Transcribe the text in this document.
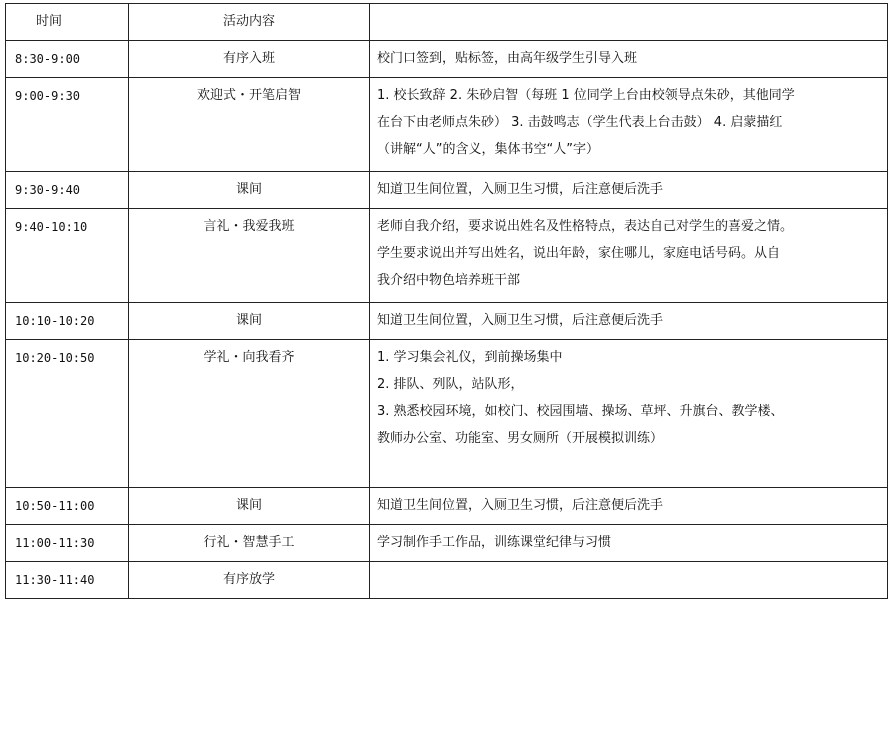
时间	活动内容	
8:30-9:00	有序入班	校门口签到，贴标签，由高年级学生引导入班
9:00-9:30	欢迎式・开笔启智	1. 校长致辞 2. 朱砂启智（每班 1 位同学上台由校领导点朱砂，其他同学
在台下由老师点朱砂） 3. 击鼓鸣志（学生代表上台击鼓） 4. 启蒙描红
（讲解“人”的含义，集体书空“人”字）

9:30-9:40	课间	知道卫生间位置，入厕卫生习惯，后注意便后洗手
9:40-10:10	言礼・我爱我班	老师自我介绍，要求说出姓名及性格特点，表达自己对学生的喜爱之情。
学生要求说出并写出姓名，说出年龄，家住哪儿，家庭电话号码。从自
我介绍中物色培养班干部

10:10-10:20	课间	知道卫生间位置，入厕卫生习惯，后注意便后洗手
10:20-10:50	学礼・向我看齐	1. 学习集会礼仪，到前操场集中
2. 排队、列队，站队形，
3. 熟悉校园环境，如校门、校园围墙、操场、草坪、升旗台、教学楼、
教师办公室、功能室、男女厕所（开展模拟训练）

10:50-11:00	课间	知道卫生间位置，入厕卫生习惯，后注意便后洗手
11:00-11:30	行礼・智慧手工	学习制作手工作品，训练课堂纪律与习惯
11:30-11:40	有序放学	
